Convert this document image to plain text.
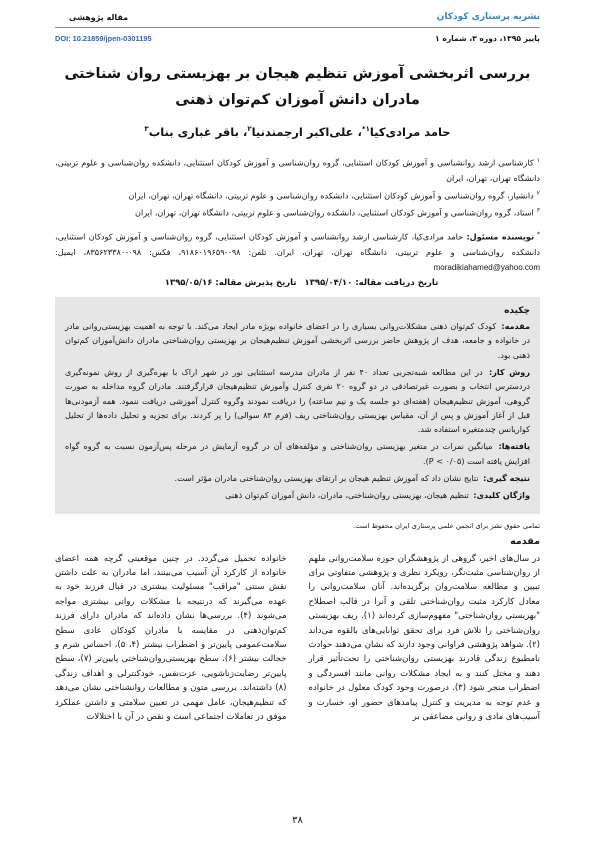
نشریه پرستاری کودکان
مقاله پژوهشی
پاییز ۱۳۹۵، دوره ۳، شماره ۱
DOI: 10.21859/jpen-0301195
بررسی اثربخشی آموزش تنظیم هیجان بر بهزیستی روان شناختی مادران دانش آموزان کم‌توان ذهنی
حامد مرادی‌کیا$^{۱*}$، علی‌اکبر ارجمندنیا$^۲$، باقر غباری بناب$^۳$

$^۱$کارشناسی ارشد روانشناسی و آموزش کودکان استثنایی، گروه روان‌شناسی و آموزش کودکان استثنایی، دانشکده روان‌شناسی و علوم تربیتی، دانشگاه تهران، تهران، ایران

$^۲$دانشیار، گروه روان‌شناسی و آموزش کودکان استثنایی، دانشکده روان‌شناسی و علوم تربیتی، دانشگاه تهران، تهران، ایران

$^۳$استاد، گروه روان‌شناسی و آموزش کودکان استثنایی، دانشکده روان‌شناسی و علوم تربیتی، دانشگاه تهران، تهران، ایران

*نویسنده مسئول: حامد مرادی‌کیا، کارشناسی ارشد روانشناسی و آموزش کودکان استثنایی، گروه روان‌شناسی و آموزش کودکان استثنایی، دانشکده روان‌شناسی و علوم تربیتی، دانشگاه تهران، تهران، ایران. تلفن: ۰۹۸-۹۱۸۶۰۱۹۶۵۹، فکس: ۰۹۸-۸۳۵۶۲۳۳۸۰، ایمیل: moradikiahamed@yahoo.com

تاریخ دریافت مقاله:۱۳۹۵/۰۴/۱۰تاریخ پذیرش مقاله:۱۳۹۵/۰۵/۱۶
چکیده

مقدمه: کودک کم‌توان ذهنی مشکلات‌روانی بسیاری را در اعضای خانواده بویژه مادر ایجاد می‌کند. با توجه به اهمیت بهزیستی‌روانی مادر در خانواده و جامعه، هدف از پژوهش حاضر بررسی اثربخشی آموزش تنظیم‌هیجان بر بهزیستی روان‌شناختی مادران دانش‌آموزان کم‌توان ذهنی بود.

روش کار: در این مطالعه شبه‌تجربی تعداد ۴۰ نفر از مادران مدرسه استثنایی نور در شهر اراک با بهره‌گیری از روش نمونه‌گیری دردسترس انتخاب و بصورت غیرتصادفی در دو گروه ۲۰ نفری کنترل وآموزش تنظیم‌هیجان قرارگرفتند. مادران گروه مداخله به صورت گروهی، آموزش تنظیم‌هیجان (هفته‌ای دو جلسه یک و نیم ساعته) را دریافت نمودند وگروه کنترل آموزشی دریافت ننمود. همه آزمودنی‌ها قبل از آغاز آموزش و پس از آن، مقیاس بهزیستی روان‌شناختی ریف (فرم ۸۴ سوالی) را پر کردند. برای تجزیه و تحلیل داده‌ها از تحلیل کواریانس چندمتغیره استفاده شد.

یافته‌ها: میانگین نمرات در متغیر بهزیستی روان‌شناختی و مؤلفه‌های آن در گروه آزمایش در مرحله پس‌آزمون نسبت به گروه گواه افزایش یافته است (P < ۰/۰۵).

نتیجه گیری: نتایج نشان داد که آموزش تنظیم هیجان بر ارتقای بهزیستی روان‌شناختی مادران مؤثر است.

واژگان کلیدی: تنظیم هیجان، بهزیستی روان‌شناختی، مادران، دانش آموزان کم‌توان ذهنی

تمامی حقوق نشر برای انجمن علمی پرستاری ایران محفوظ است.
مقدمه

در سال‌های اخیر، گروهی از پژوهشگران حوزه سلامت‌روانی ملهم از روان‌شناسی مثبت‌نگر، رویکرد نظری و پژوهشی متفاوتی برای تبیین و مطالعه سلامت‌روان برگزیده‌اند. آنان سلامت‌روانی را معادل کارکرد مثبت روان‌شناختی تلقی و آنرا در قالب اصطلاح "بهزیستی روان‌شناختی" مفهوم‌سازی کرده‌اند (۱). ریف بهزیستی روان‌شناختی را تلاش فرد برای تحقق توانایی‌های بالقوه می‌داند (۲). شواهد پژوهشی فراوانی وجود دارند که نشان می‌دهند حوادث نامطبوع زندگی قادرند بهزیستی روان‌شناختی را تحت‌تأثیر قرار دهند و مختل کنند و به ایجاد مشکلات روانی مانند افسردگی و اضطراب منجر شود (۳). درصورت وجود کودک معلول در خانواده و عدم توجه به مدیریت و کنترل پیامدهای حضور او، خسارت و آسیب‌های مادی و روانی مضاعفی بر

خانواده تحمیل می‌گردد. در چنین موقعیتی گرچه همه اعضای خانواده از کارکرد آن آسیب می‌بینند، اما مادران به علت داشتن نقش سنتی "مراقب" مسئولیت بیشتری در قبال فرزند خود به عهده می‌گیرند که درنتیجه با مشکلات روانی بیشتری مواجه می‌شوند (۴). بررسی‌ها نشان داده‌اند که مادران دارای فرزند کم‌توان‌ذهنی در مقایسه با مادران کودکان عادی سطح سلامت‌عمومی پایین‌تر و اضطراب بیشتر (۴، ۵)، احساس شرم و خجالت بیشتر (۶)، سطح بهزیستی‌روان‌شناختی پایین‌تر (۷)، سطح پایین‌تر رضایت‌زناشویی، عزت‌نفس، خودکنترلی و اهداف زندگی (۸) داشته‌اند. بررسی متون و مطالعات روانشناختی نشان می‌دهد که تنظیم‌هیجان، عامل مهمی در تعیین سلامتی و داشتن عملکرد موفق در تعاملات اجتماعی است و نقص در آن با اختلالات

۳۸
